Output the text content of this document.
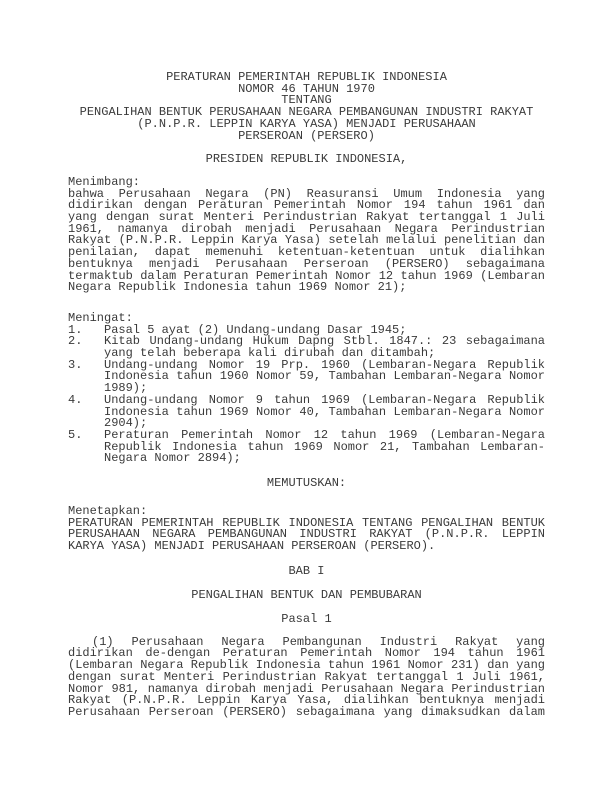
PERATURAN PEMERINTAH REPUBLIK INDONESIA
NOMOR 46 TAHUN 1970
TENTANG
PENGALIHAN BENTUK PERUSAHAAN NEGARA PEMBANGUNAN INDUSTRI RAKYAT
(P.N.P.R. LEPPIN KARYA YASA) MENJADI PERUSAHAAN
PERSEROAN (PERSERO)
PRESIDEN REPUBLIK INDONESIA,
Menimbang:
bahwa Perusahaan Negara (PN) Reasuransi Umum Indonesia yang
didirikan dengan Peraturan Pemerintah Nomor 194 tahun 1961 dan
yang dengan surat Menteri Perindustrian Rakyat tertanggal 1 Juli
1961, namanya dirobah menjadi Perusahaan Negara Perindustrian
Rakyat (P.N.P.R. Leppin Karya Yasa) setelah melalui penelitian dan
penilaian, dapat memenuhi ketentuan-ketentuan untuk dialihkan
bentuknya menjadi Perusahaan Perseroan (PERSERO) sebagaimana
termaktub dalam Peraturan Pemerintah Nomor 12 tahun 1969 (Lembaran
Negara Republik Indonesia tahun 1969 Nomor 21);
Meningat:
1. Pasal 5 ayat (2) Undang-undang Dasar 1945;
2. Kitab Undang-undang Hukum Dapng Stbl. 1847.: 23 sebagaimana
yang telah beberapa kali dirubah dan ditambah;
3. Undang-undang Nomor 19 Prp. 1960 (Lembaran-Negara Republik
Indonesia tahun 1960 Nomor 59, Tambahan Lembaran-Negara Nomor
1989);
4. Undang-undang Nomor 9 tahun 1969 (Lembaran-Negara Republik
Indonesia tahun 1969 Nomor 40, Tambahan Lembaran-Negara Nomor
2904);
5. Peraturan Pemerintah Nomor 12 tahun 1969 (Lembaran-Negara
Republik Indonesia tahun 1969 Nomor 21, Tambahan Lembaran-
Negara Nomor 2894);
MEMUTUSKAN:
Menetapkan:
PERATURAN PEMERINTAH REPUBLIK INDONESIA TENTANG PENGALIHAN BENTUK
PERUSAHAAN NEGARA PEMBANGUNAN INDUSTRI RAKYAT (P.N.P.R. LEPPIN
KARYA YASA) MENJADI PERUSAHAAN PERSEROAN (PERSERO).
BAB I
PENGALIHAN BENTUK DAN PEMBUBARAN
Pasal 1
(1) Perusahaan Negara Pembangunan Industri Rakyat yang
didirikan de-dengan Peraturan Pemerintah Nomor 194 tahun 1961
(Lembaran Negara Republik Indonesia tahun 1961 Nomor 231) dan yang
dengan surat Menteri Perindustrian Rakyat tertanggal 1 Juli 1961,
Nomor 981, namanya dirobah menjadi Perusahaan Negara Perindustrian
Rakyat (P.N.P.R. Leppin Karya Yasa, dialihkan bentuknya menjadi
Perusahaan Perseroan (PERSERO) sebagaimana yang dimaksudkan dalam
